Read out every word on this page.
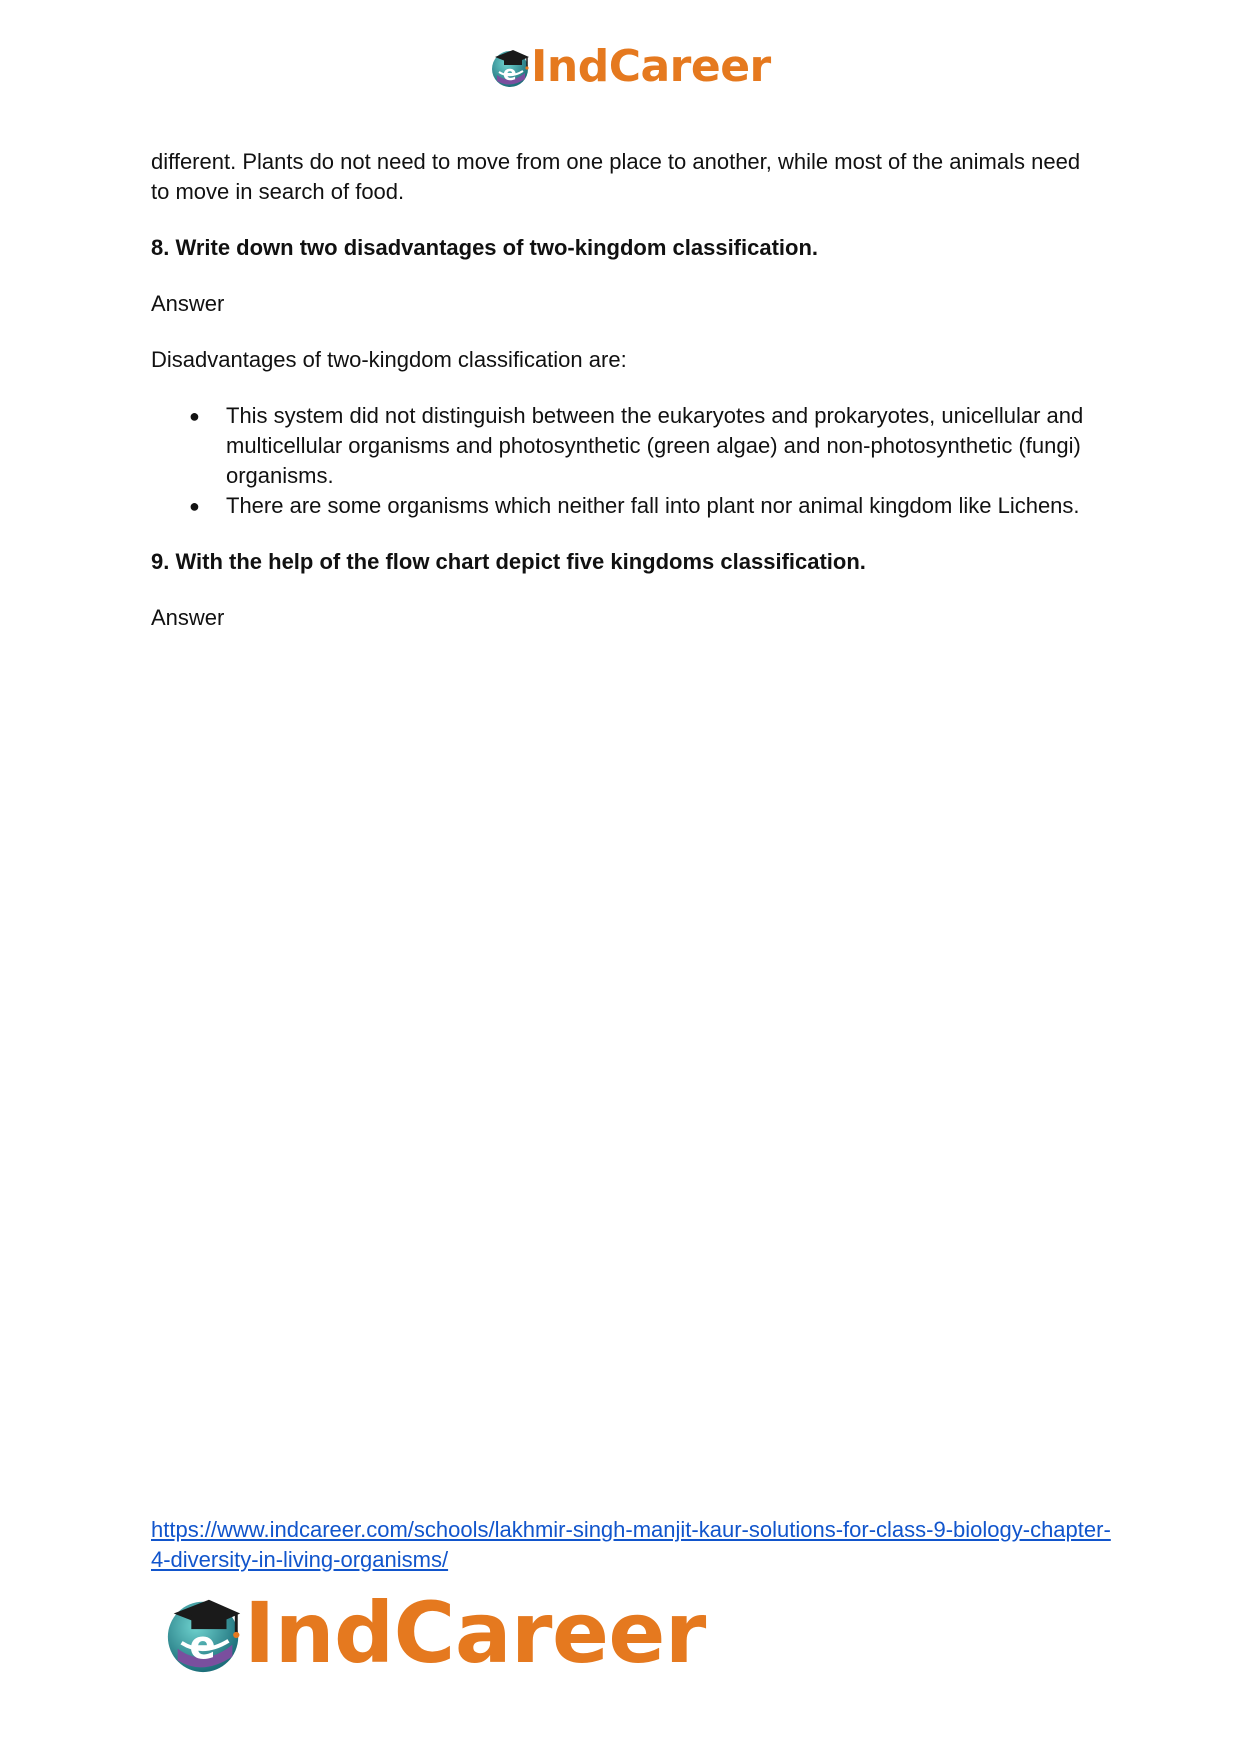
e IndCareer

different. Plants do not need to move from one place to another, while most of the animals need to move in search of food.

8. Write down two disadvantages of two-kingdom classification.

Answer

Disadvantages of two-kingdom classification are:

● This system did not distinguish between the eukaryotes and prokaryotes, unicellular and multicellular organisms and photosynthetic (green algae) and non-photosynthetic (fungi) organisms.
● There are some organisms which neither fall into plant nor animal kingdom like Lichens.

9. With the help of the flow chart depict five kingdoms classification.

Answer

https://www.indcareer.com/schools/lakhmir-singh-manjit-kaur-solutions-for-class-9-biology-chapter-4-diversity-in-living-organisms/
e IndCareer
